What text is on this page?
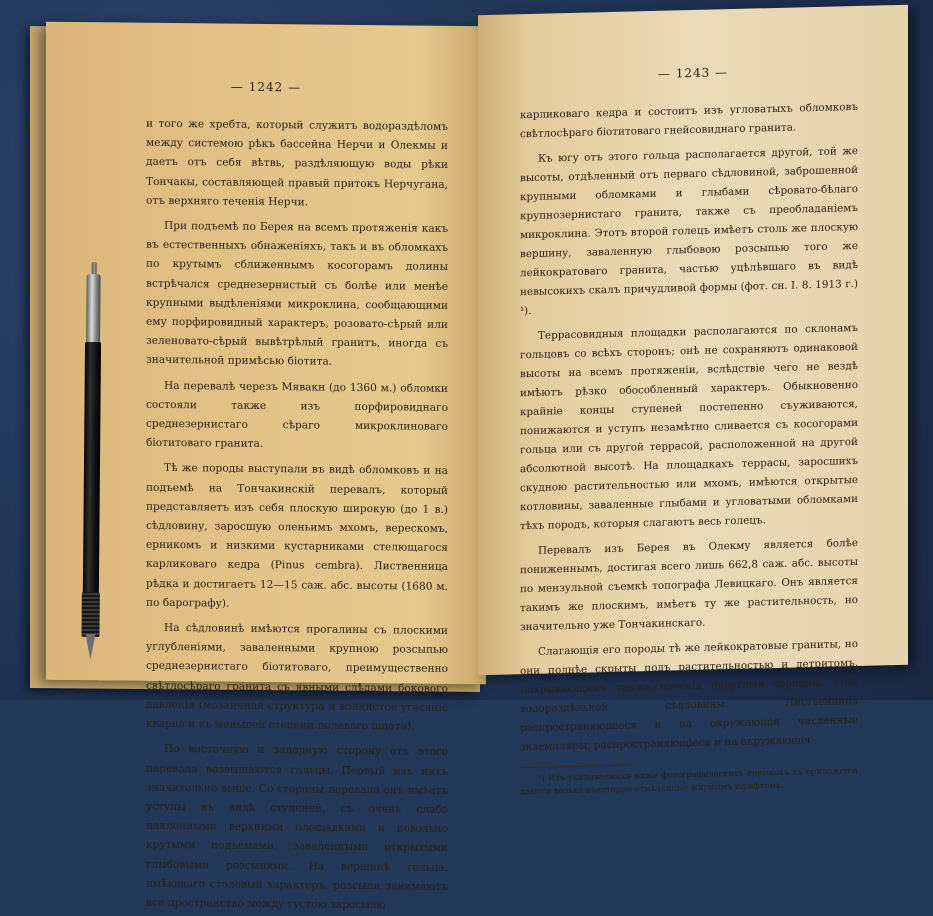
— 1242 —

и того же хребта, который служитъ водораздѣломъ между системою рѣкъ бассейна Нерчи и Олекмы и даетъ отъ себя вѣтвь, раздѣляющую воды рѣки Тончакы, составляющей правый притокъ Нерчугана, отъ верхняго теченія Нерчи.

При подъемѣ по Берея на всемъ протяженія какъ въ естественныхъ обнаженіяхъ, такъ и въ обломкахъ по крутымъ сближеннымъ косогорамъ долины встрѣчался среднезернистый съ болѣе или менѣе крупными выдѣленіями микроклина, сообщающими ему порфировидный характеръ, розовато-сѣрый или зеленовато-сѣрый вывѣтрѣлый гранитъ, иногда съ значительной примѣсью біотита.

На перевалѣ черезъ Мявакн (до 1360 м.) обломки состояли также изъ порфировиднаго среднезернистаго сѣраго микроклиноваго біотитоваго гранита.

Тѣ же породы выступали въ видѣ обломковъ и на подъемѣ на Тончакинскій перевалъ, который представляетъ изъ себя плоскую широкую (до 1 в.) сѣдловину, заросшую оленьимъ мхомъ, верескомъ, ерникомъ и низкими кустарниками стелющагося карликоваго кедра (Pinus cembra). Лиственница рѣдка и достигаетъ 12—15 саж. абс. высоты (1680 м. по барографу).

На сѣдловинѣ имѣются прогалины съ плоскими углубленіями, заваленными крупною розсыпью среднезернистаго біотитоваго, преимущественно свѣтлосѣраго гранита съ явными слѣдами бокового давленія (мозаичная структура и волнистое угасаніе кварца и въ меньшей степени полевого шпата).

По восточную и западную сторону отъ этого перевала возвышаются гольцы. Первый изъ нихъ значительно выше. Со стороны перевала онъ имѣетъ уступы въ видѣ ступеней, съ очень слабо наклонными верхними площадками и довольно крутыми подъемами, заваленными открытыми глыбовыми розсыпями. На вершинѣ гольца, имѣющаго столовый характеръ, розсыпи занимаютъ все пространство между густою заросылю

— 1243 —

карликоваго кедра и состоитъ изъ угловатыхъ обломковъ свѣтлосѣраго біотитоваго гнейсовиднаго гранита.

Къ югу отъ этого гольца располагается другой, той же высоты, отдѣленный отъ перваго сѣдловиной, заброшенной крупными обломками и глыбами сѣровато-бѣлаго крупнозернистаго гранита, также съ преобладаніемъ микроклина. Этотъ второй голецъ имѣетъ столь же плоскую вершину, заваленную глыбовою розсыпью того же лейкократоваго гранита, частью уцѣлѣвшаго въ видѣ невысокихъ скалъ причудливой формы (фот. сн. I. 8. 1913 г.) ¹).

Террасовидныя площадки располагаются по склонамъ гольцовъ со всѣхъ сторонъ; онѣ не сохраняютъ одинаковой высоты на всемъ протяженіи, вслѣдствіе чего не вездѣ имѣютъ рѣзко обособленный характеръ. Обыкновенно крайніе концы ступеней постепенно съуживаются, понижаются и уступъ незамѣтно сливается съ косогорами гольца или съ другой террасой, расположенной на другой абсолютной высотѣ. На площадкахъ террасы, заросшихъ скудною растительностью или мхомъ, имѣются открытые котловины, заваленные глыбами и угловатыми обломками тѣхъ породъ, которыя слагаютъ весь голецъ.

Перевалъ изъ Берея въ Олекму является болѣе пониженнымъ, достигая всего лишь 662,8 саж. абс. высоты по мензульной съемкѣ топографа Левицкаго. Онъ является такимъ же плоскимъ, имѣетъ ту же растительность, но значительно уже Тончакинскаго.

Слагающія его породы тѣ же лейкократовые граниты, но они полнѣе скрыты подъ растительностью и детритомъ, покрывающимъ также плоскія округлыя вершины этой водораздѣльной сѣдловины. Лиственница распространяющіеся и на окружающія численные экземпляры, распространяющіеся и на окружающія

¹) Изъ указываемыхъ ниже фотографическихъ снимковъ въ приложеніи даются только нѣкоторые отмѣченные жирнымъ шрифтомъ.
